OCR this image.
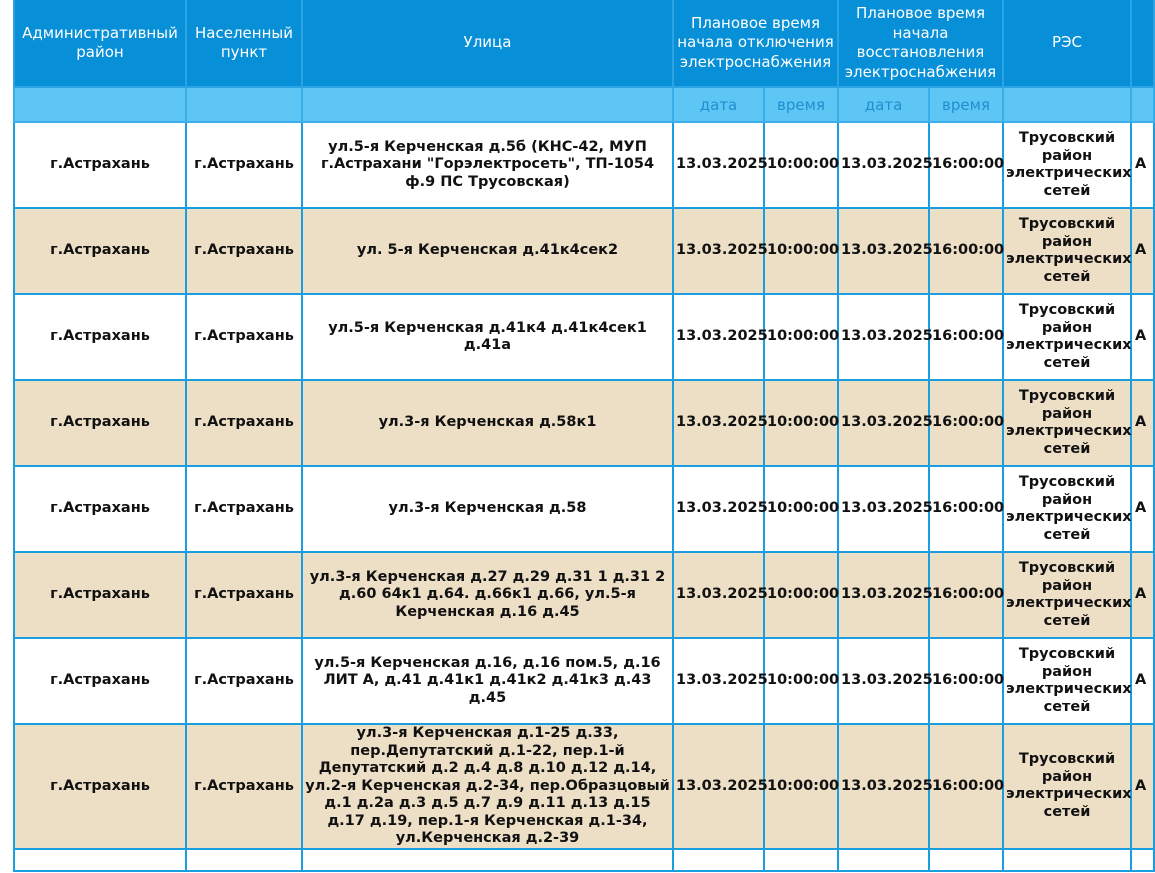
Административный район	Населенный пункт	Улица	Плановое время начала отключения электроснабжения		Плановое время начала восстановления электроснабжения		РЭС	
			дата	время	дата	время		
г.Астрахань	г.Астрахань	ул.5-я Керченская д.5б (КНС-42, МУП г.Астрахани "Горэлектросеть", ТП-1054 ф.9 ПС Трусовская)	13.03.2025	10:00:00	13.03.2025	16:00:00	Трусовский район электрических сетей	А
г.Астрахань	г.Астрахань	ул. 5-я Керченская д.41к4сек2	13.03.2025	10:00:00	13.03.2025	16:00:00	Трусовский район электрических сетей	А
г.Астрахань	г.Астрахань	ул.5-я Керченская д.41к4 д.41к4сек1 д.41а	13.03.2025	10:00:00	13.03.2025	16:00:00	Трусовский район электрических сетей	А
г.Астрахань	г.Астрахань	ул.3-я Керченская д.58к1	13.03.2025	10:00:00	13.03.2025	16:00:00	Трусовский район электрических сетей	А
г.Астрахань	г.Астрахань	ул.3-я Керченская д.58	13.03.2025	10:00:00	13.03.2025	16:00:00	Трусовский район электрических сетей	А
г.Астрахань	г.Астрахань	ул.3-я Керченская д.27 д.29 д.31 1 д.31 2 д.60 64к1 д.64. д.66к1 д.66, ул.5-я Керченская д.16 д.45	13.03.2025	10:00:00	13.03.2025	16:00:00	Трусовский район электрических сетей	А
г.Астрахань	г.Астрахань	ул.5-я Керченская д.16, д.16 пом.5, д.16 ЛИТ А, д.41 д.41к1 д.41к2 д.41к3 д.43 д.45	13.03.2025	10:00:00	13.03.2025	16:00:00	Трусовский район электрических сетей	А
г.Астрахань	г.Астрахань	ул.3-я Керченская д.1-25 д.33, пер.Депутатский д.1-22, пер.1-й Депутатский д.2 д.4 д.8 д.10 д.12 д.14, ул.2-я Керченская д.2-34, пер.Образцовый д.1 д.2а д.3 д.5 д.7 д.9 д.11 д.13 д.15 д.17 д.19, пер.1-я Керченская д.1-34, ул.Керченская д.2-39	13.03.2025	10:00:00	13.03.2025	16:00:00	Трусовский район электрических сетей	А
